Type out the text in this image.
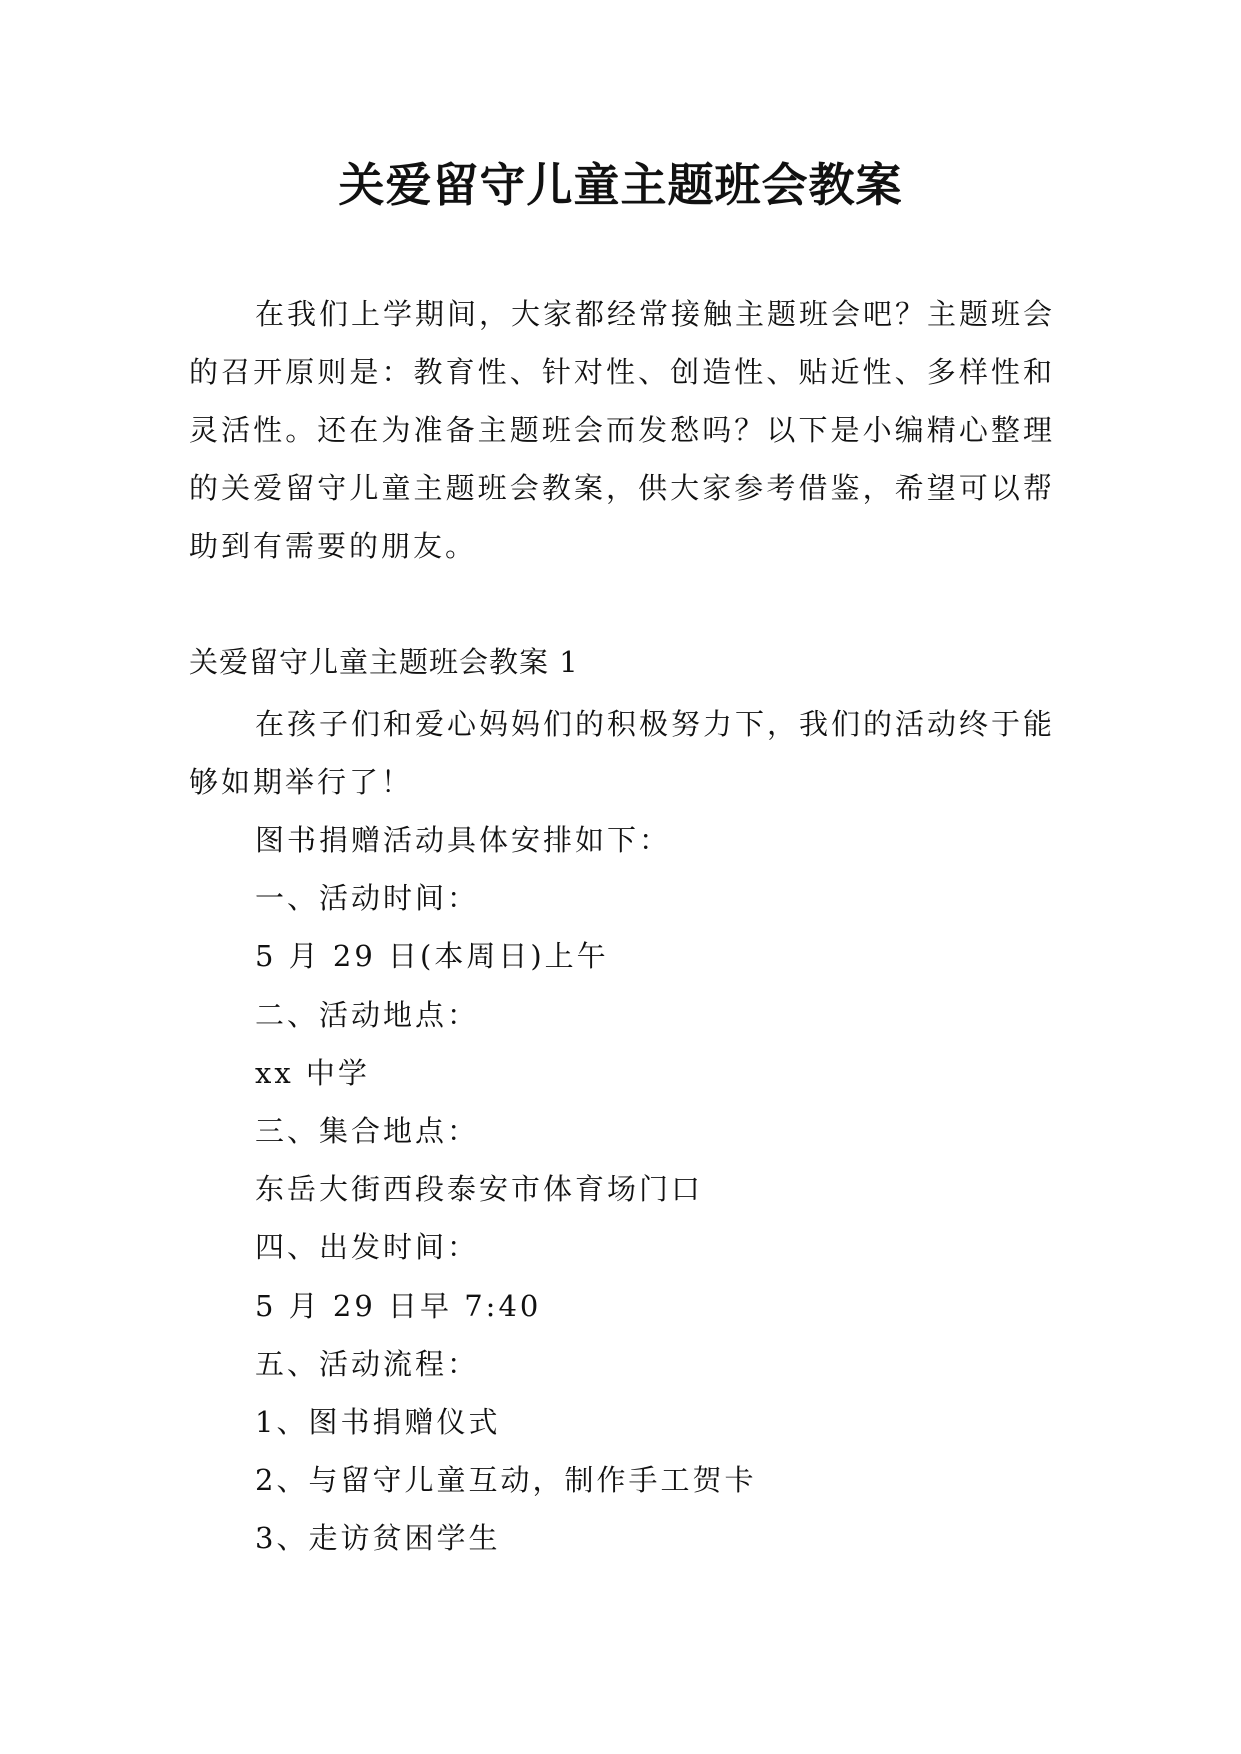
关爱留守儿童主题班会教案

在我们上学期间，大家都经常接触主题班会吧？主题班会的召开原则是：教育性、针对性、创造性、贴近性、多样性和灵活性。还在为准备主题班会而发愁吗？以下是小编精心整理的关爱留守儿童主题班会教案，供大家参考借鉴，希望可以帮助到有需要的朋友。

关爱留守儿童主题班会教案 1

在孩子们和爱心妈妈们的积极努力下，我们的活动终于能够如期举行了！

图书捐赠活动具体安排如下：
一、活动时间：
5 月 29 日(本周日)上午
二、活动地点：
xx 中学
三、集合地点：
东岳大街西段泰安市体育场门口
四、出发时间：
5 月 29 日早 7:40
五、活动流程：
1、图书捐赠仪式
2、与留守儿童互动，制作手工贺卡
3、走访贫困学生
